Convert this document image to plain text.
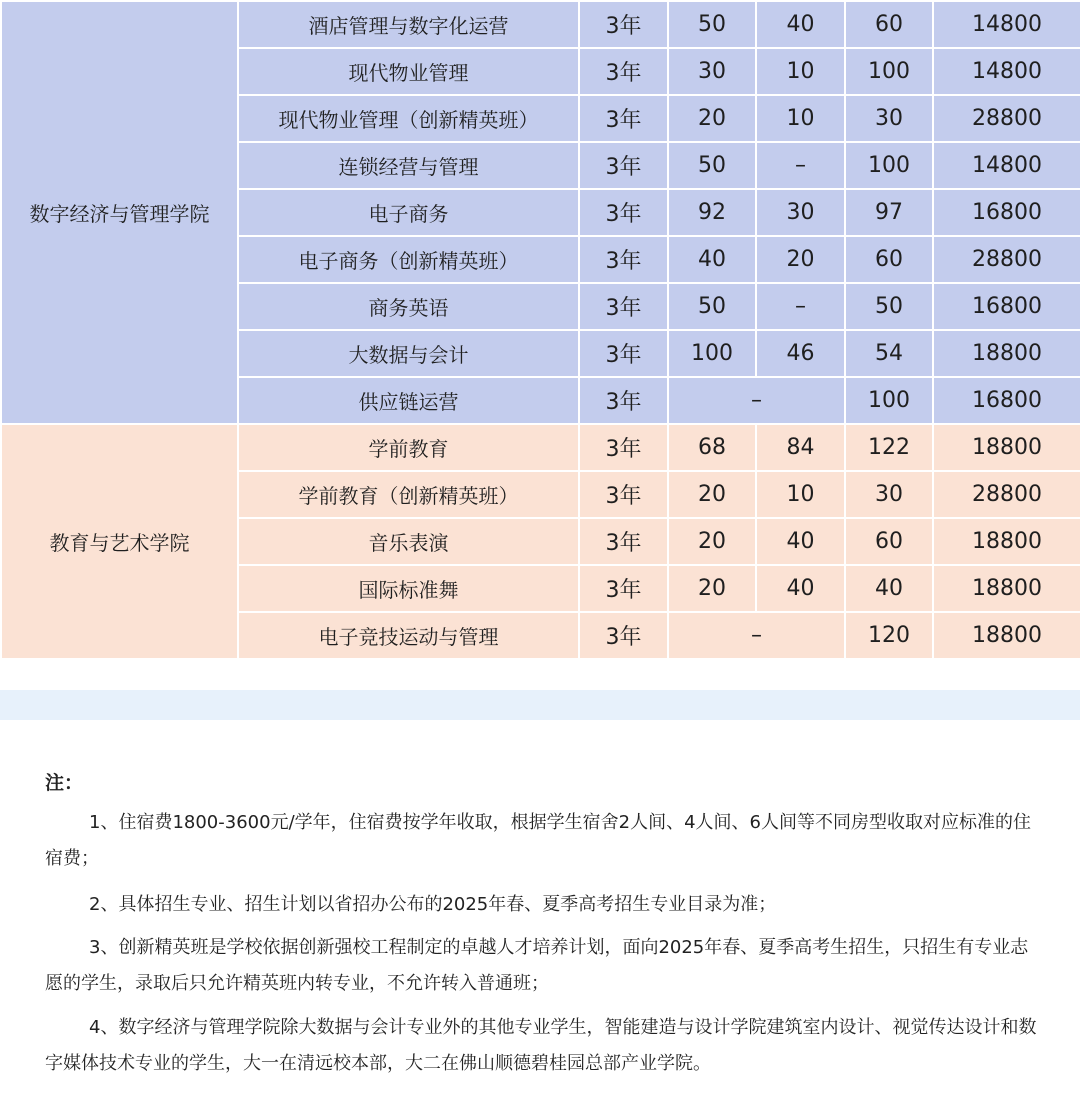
数字经济与管理学院	酒店管理与数字化运营	3年	50	40	60	14800
	现代物业管理	3年	30	10	100	14800
	现代物业管理（创新精英班）	3年	20	10	30	28800
	连锁经营与管理	3年	50	–	100	14800
	电子商务	3年	92	30	97	16800
	电子商务（创新精英班）	3年	40	20	60	28800
	商务英语	3年	50	–	50	16800
	大数据与会计	3年	100	46	54	18800
	供应链运营	3年	–		100	16800
教育与艺术学院	学前教育	3年	68	84	122	18800
	学前教育（创新精英班）	3年	20	10	30	28800
	音乐表演	3年	20	40	60	18800
	国际标准舞	3年	20	40	40	18800
	电子竞技运动与管理	3年	–		120	18800
注：
1、住宿费1800-3600元/学年，住宿费按学年收取，根据学生宿舍2人间、4人间、6人间等不同房型收取对应标准的住宿费；
2、具体招生专业、招生计划以省招办公布的2025年春、夏季高考招生专业目录为准；
3、创新精英班是学校依据创新强校工程制定的卓越人才培养计划，面向2025年春、夏季高考生招生，只招生有专业志愿的学生，录取后只允许精英班内转专业，不允许转入普通班；
4、数字经济与管理学院除大数据与会计专业外的其他专业学生，智能建造与设计学院建筑室内设计、视觉传达设计和数字媒体技术专业的学生，大一在清远校本部，大二在佛山顺德碧桂园总部产业学院。
